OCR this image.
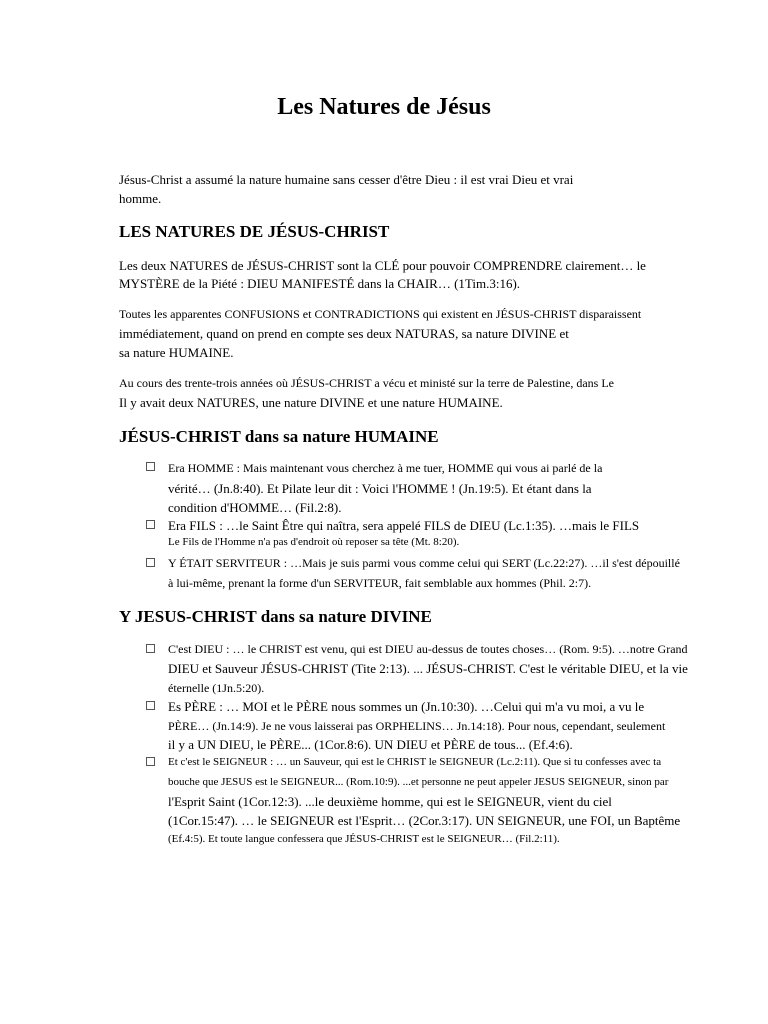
Les Natures de Jésus

Jésus-Christ a assumé la nature humaine sans cesser d'être Dieu : il est vrai Dieu et vrai

homme.

LES NATURES DE JÉSUS-CHRIST

Les deux NATURES de JÉSUS-CHRIST sont la CLÉ pour pouvoir COMPRENDRE clairement… le

MYSTÈRE de la Piété : DIEU MANIFESTÉ dans la CHAIR… (1Tim.3:16).

Toutes les apparentes CONFUSIONS et CONTRADICTIONS qui existent en JÉSUS-CHRIST disparaissent

immédiatement, quand on prend en compte ses deux NATURAS, sa nature DIVINE et

sa nature HUMAINE.

Au cours des trente-trois années où JÉSUS-CHRIST a vécu et ministé sur la terre de Palestine, dans Le

Il y avait deux NATURES, une nature DIVINE et une nature HUMAINE.

JÉSUS-CHRIST dans sa nature HUMAINE

Era HOMME : Mais maintenant vous cherchez à me tuer, HOMME qui vous ai parlé de la

vérité… (Jn.8:40). Et Pilate leur dit : Voici l'HOMME ! (Jn.19:5). Et étant dans la

condition d'HOMME… (Fil.2:8).

Era FILS : …le Saint Être qui naîtra, sera appelé FILS de DIEU (Lc.1:35). …mais le FILS

Le Fils de l'Homme n'a pas d'endroit où reposer sa tête (Mt. 8:20).

Y ÉTAIT SERVITEUR : …Mais je suis parmi vous comme celui qui SERT (Lc.22:27). …il s'est dépouillé

à lui-même, prenant la forme d'un SERVITEUR, fait semblable aux hommes (Phil. 2:7).

Y JESUS-CHRIST dans sa nature DIVINE

C'est DIEU : … le CHRIST est venu, qui est DIEU au-dessus de toutes choses… (Rom. 9:5). …notre Grand

DIEU et Sauveur JÉSUS-CHRIST (Tite 2:13). ... JÉSUS-CHRIST. C'est le véritable DIEU, et la vie

éternelle (1Jn.5:20).

Es PÈRE : … MOI et le PÈRE nous sommes un (Jn.10:30). …Celui qui m'a vu moi, a vu le

PÈRE… (Jn.14:9). Je ne vous laisserai pas ORPHELINS… Jn.14:18). Pour nous, cependant, seulement

il y a UN DIEU, le PÈRE... (1Cor.8:6). UN DIEU et PÈRE de tous... (Ef.4:6).

Et c'est le SEIGNEUR : … un Sauveur, qui est le CHRIST le SEIGNEUR (Lc.2:11). Que si tu confesses avec ta

bouche que JESUS est le SEIGNEUR... (Rom.10:9). ...et personne ne peut appeler JESUS SEIGNEUR, sinon par

l'Esprit Saint (1Cor.12:3). ...le deuxième homme, qui est le SEIGNEUR, vient du ciel

(1Cor.15:47). … le SEIGNEUR est l'Esprit… (2Cor.3:17). UN SEIGNEUR, une FOI, un Baptême

(Ef.4:5). Et toute langue confessera que JÉSUS-CHRIST est le SEIGNEUR… (Fil.2:11).
